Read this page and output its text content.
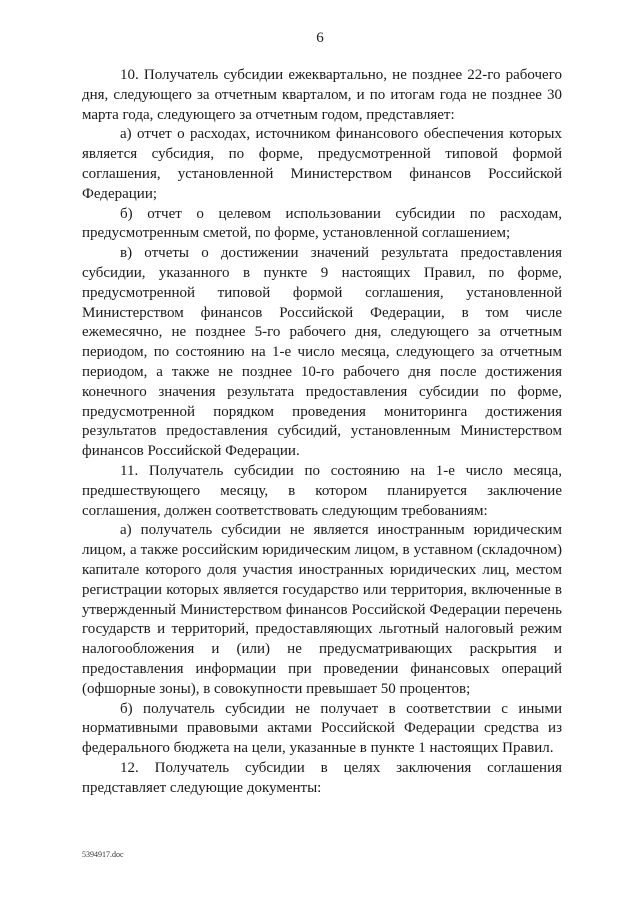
6

10. Получатель субсидии ежеквартально, не позднее 22-го рабочего дня, следующего за отчетным кварталом, и по итогам года не позднее 30 марта года, следующего за отчетным годом, представляет:

а) отчет о расходах, источником финансового обеспечения которых является субсидия, по форме, предусмотренной типовой формой соглашения, установленной Министерством финансов Российской Федерации;

б) отчет о целевом использовании субсидии по расходам, предусмотренным сметой, по форме, установленной соглашением;

в) отчеты о достижении значений результата предоставления субсидии, указанного в пункте 9 настоящих Правил, по форме, предусмотренной типовой формой соглашения, установленной Министерством финансов Российской Федерации, в том числе ежемесячно, не позднее 5-го рабочего дня, следующего за отчетным периодом, по состоянию на 1-е число месяца, следующего за отчетным периодом, а также не позднее 10-го рабочего дня после достижения конечного значения результата предоставления субсидии по форме, предусмотренной порядком проведения мониторинга достижения результатов предоставления субсидий, установленным Министерством финансов Российской Федерации.

11. Получатель субсидии по состоянию на 1-е число месяца, предшествующего месяцу, в котором планируется заключение соглашения, должен соответствовать следующим требованиям:

а) получатель субсидии не является иностранным юридическим лицом, а также российским юридическим лицом, в уставном (складочном) капитале которого доля участия иностранных юридических лиц, местом регистрации которых является государство или территория, включенные в утвержденный Министерством финансов Российской Федерации перечень государств и территорий, предоставляющих льготный налоговый режим налогообложения и (или) не предусматривающих раскрытия и предоставления информации при проведении финансовых операций (офшорные зоны), в совокупности превышает 50 процентов;

б) получатель субсидии не получает в соответствии с иными нормативными правовыми актами Российской Федерации средства из федерального бюджета на цели, указанные в пункте 1 настоящих Правил.

12. Получатель субсидии в целях заключения соглашения представляет следующие документы:

5394917.doc
